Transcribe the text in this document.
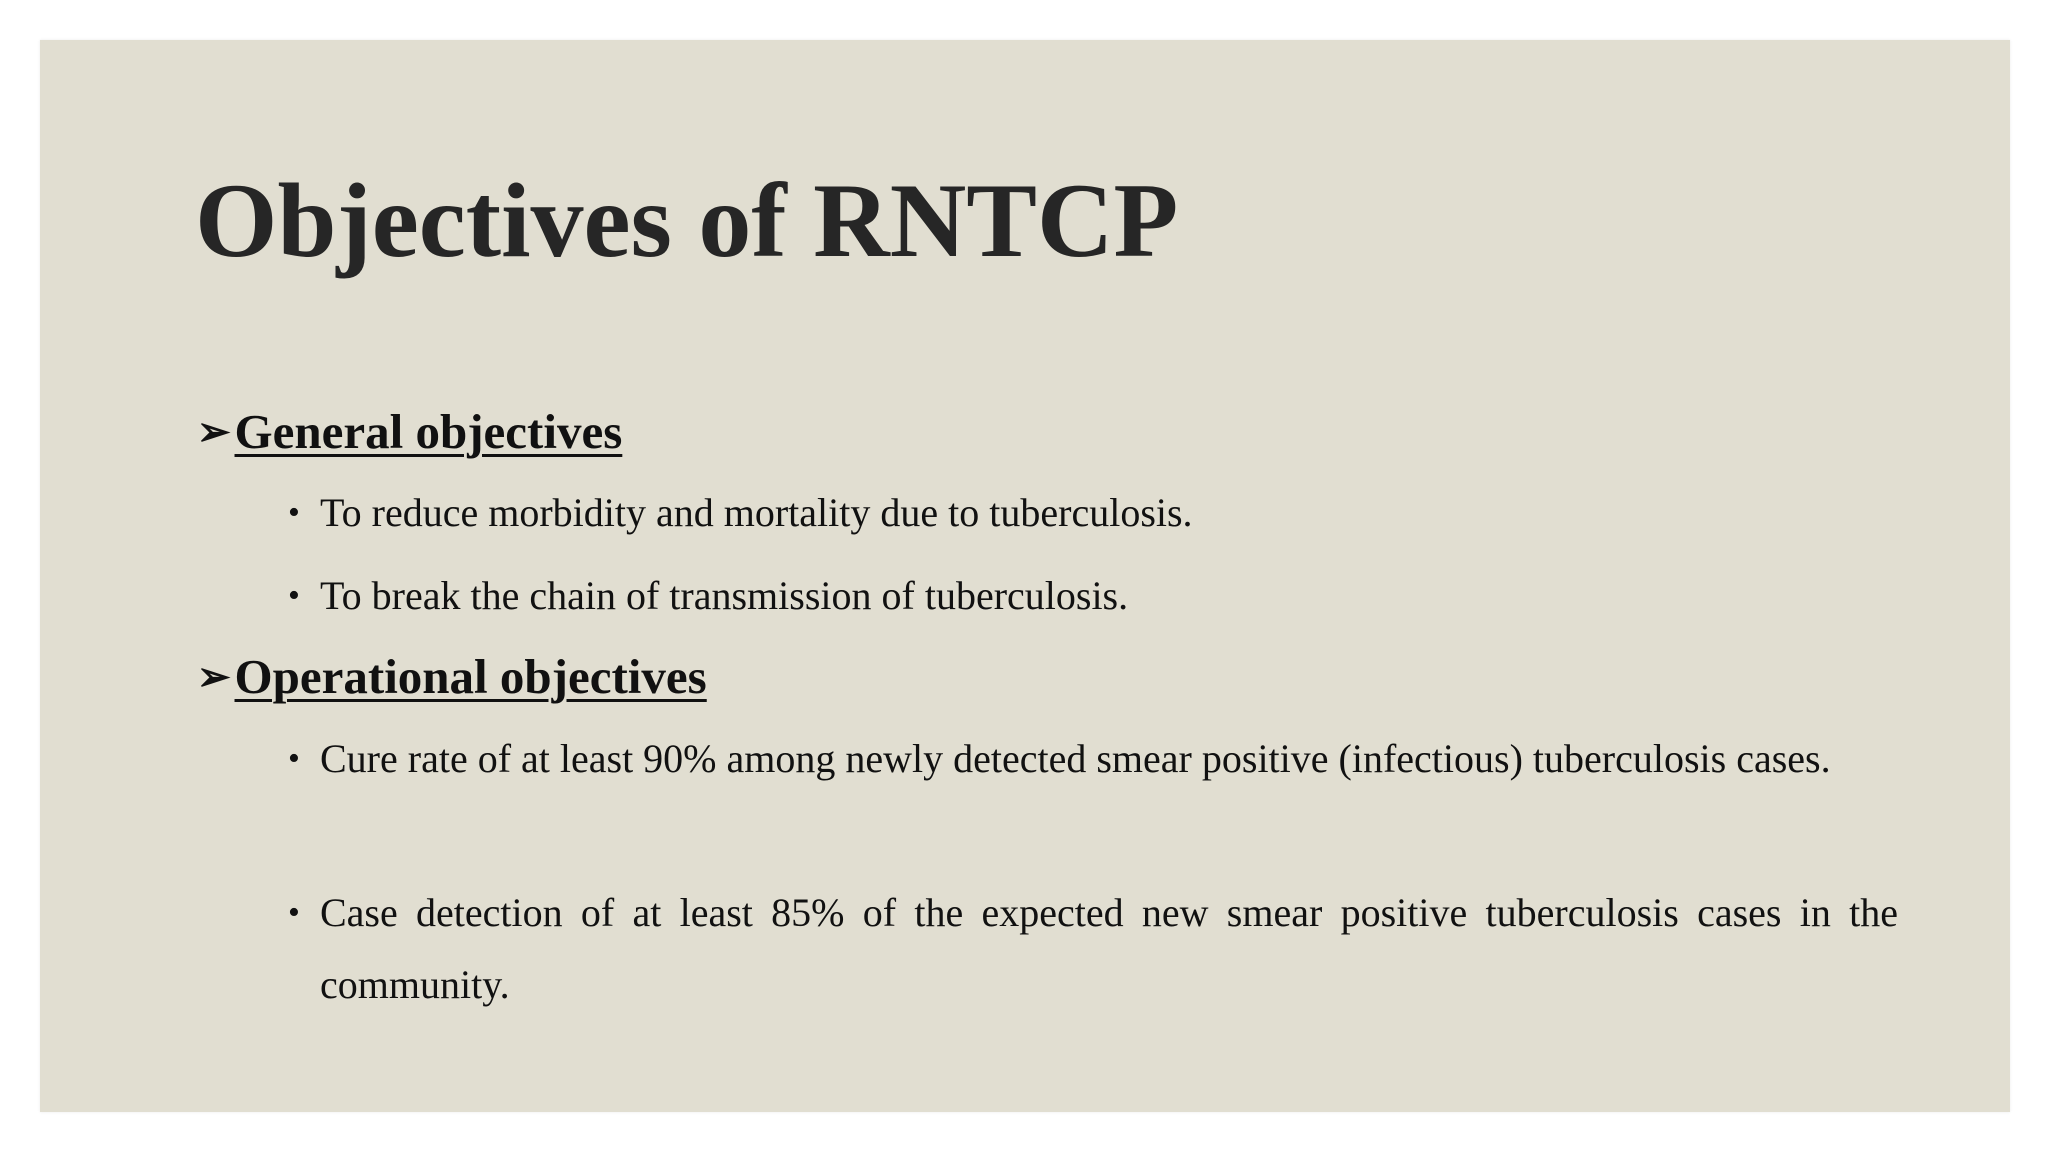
Objectives of RNTCP
➢ General objectives
• To reduce morbidity and mortality due to tuberculosis.
• To break the chain of transmission of tuberculosis.
➢ Operational objectives
• Cure rate of at least 90% among newly detected smear positive (infectious) tuberculosis cases.
• Case detection of at least 85% of the expected new smear positive tuberculosis cases in the community.
